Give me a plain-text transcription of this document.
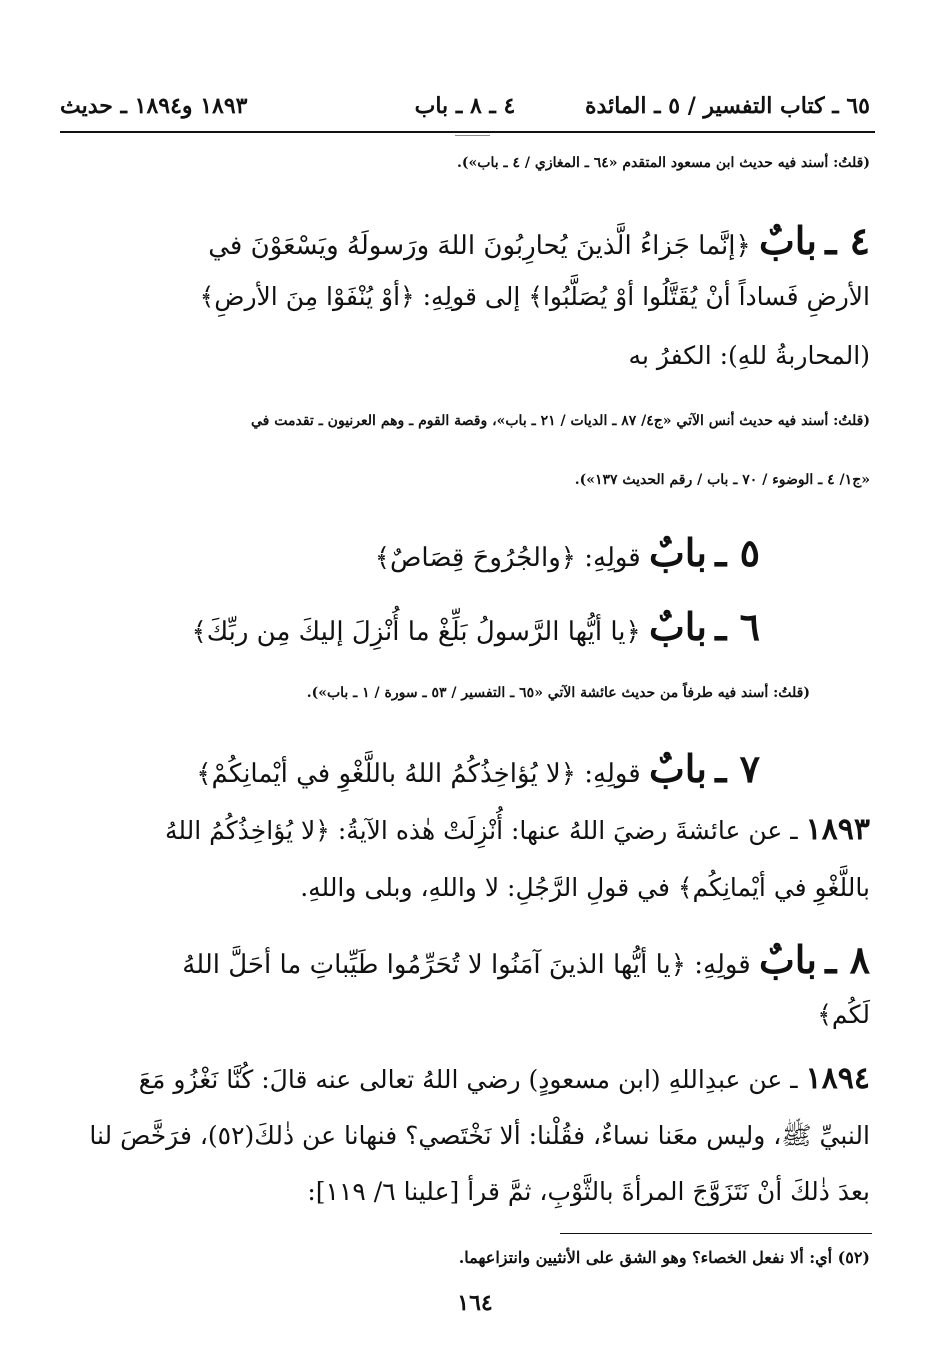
٦٥ ـ كتاب التفسير / ٥ ـ المائدة
٤ ـ ٨ ـ باب
١٨٩٣ و١٨٩٤ ـ حديث
(قلتُ: أسند فيه حديث ابن مسعود المتقدم «٦٤ ـ المغازي / ٤ ـ باب»).
٤ ـ بابٌ ﴿إنَّما جَزاءُ الَّذينَ يُحارِبُونَ اللهَ ورَسولَهُ ويَسْعَوْنَ في
الأرضِ فَساداً أنْ يُقَتَّلُوا أوْ يُصَلَّبُوا﴾ إلى قولِهِ: ﴿أوْ يُنْفَوْا مِنَ الأرضِ﴾
(المحاربةُ للهِ): الكفرُ به
(قلتُ: أسند فيه حديث أنس الآتي «ج٤/ ٨٧ ـ الديات / ٢١ ـ باب»، وقصة القوم ـ وهم العرنيون ـ تقدمت في
«ج١/ ٤ ـ الوضوء / ٧٠ ـ باب / رقم الحديث ١٣٧»).
٥ ـ بابٌ قولِهِ: ﴿والجُرُوحَ قِصَاصٌ﴾
٦ ـ بابٌ ﴿يا أيُّها الرَّسولُ بَلِّغْ ما أُنْزِلَ إليكَ مِن ربِّكَ﴾
(قلتُ: أسند فيه طرفاً من حديث عائشة الآتي «٦٥ ـ التفسير / ٥٣ ـ سورة / ١ ـ باب»).
٧ ـ بابٌ قولِهِ: ﴿لا يُؤاخِذُكُمُ اللهُ باللَّغْوِ في أيْمانِكُمْ﴾
١٨٩٣ ـ عن عائشةَ رضيَ اللهُ عنها: أُنْزِلَتْ هٰذه الآيةُ: ﴿لا يُؤاخِذُكُمُ اللهُ
باللَّغْوِ في أيْمانِكُم﴾ في قولِ الرَّجُلِ: لا واللهِ، وبلى واللهِ.
٨ ـ بابٌ قولِهِ: ﴿يا أيُّها الذينَ آمَنُوا لا تُحَرِّمُوا طَيِّباتِ ما أحَلَّ اللهُ
لَكُم﴾
١٨٩٤ ـ عن عبدِاللهِ (ابن مسعودٍ) رضي اللهُ تعالى عنه قالَ: كُنَّا نَغْزُو مَعَ
النبيِّ ﷺ، وليس معَنا نساءٌ، فقُلْنا: ألا نَخْتَصي؟ فنهانا عن ذٰلكَ(٥٢)، فرَخَّصَ لنا
بعدَ ذٰلكَ أنْ نَتَزَوَّجَ المرأةَ بالثَّوْبِ، ثمَّ قرأ [علينا ٦/ ١١٩]:
(٥٢) أي: ألا نفعل الخصاء؟ وهو الشق على الأنثيين وانتزاعهما.
١٦٤
